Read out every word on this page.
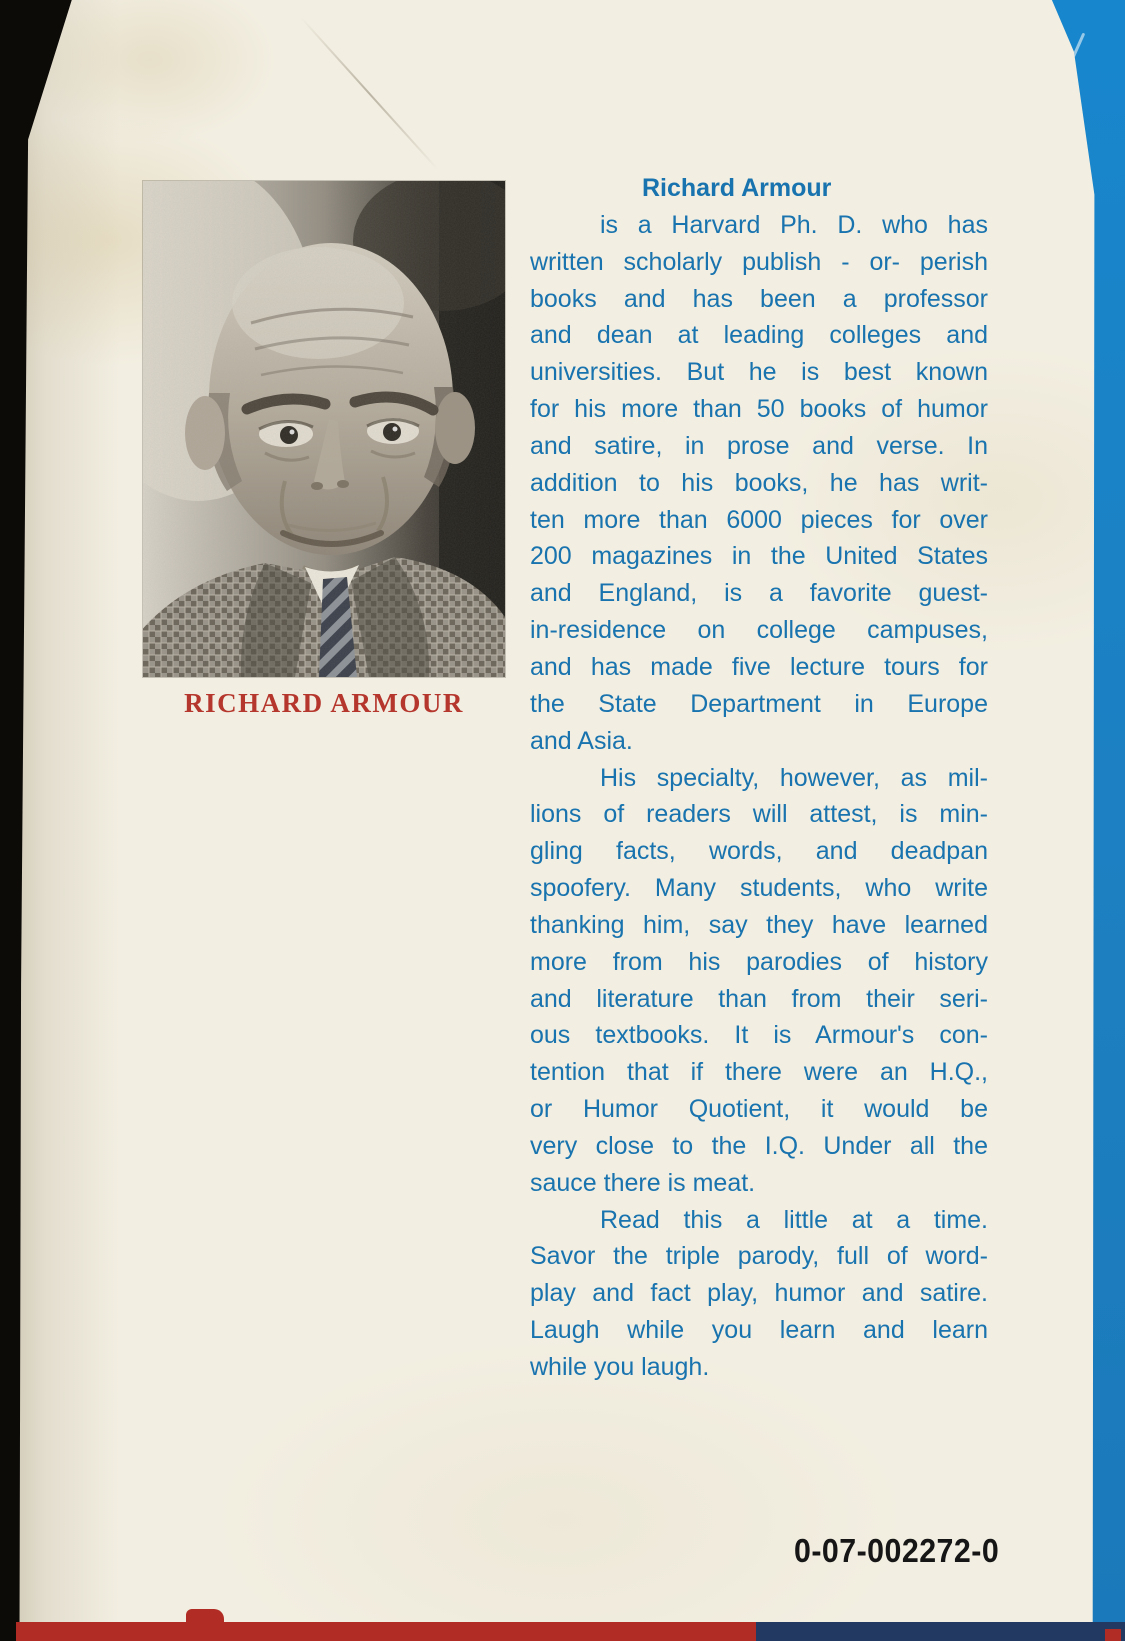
RICHARD ARMOUR
Richard Armour
is a Harvard Ph. D. who has
written scholarly publish - or- perish
books and has been a professor
and dean at leading colleges and
universities. But he is best known
for his more than 50 books of humor
and satire, in prose and verse. In
addition to his books, he has writ-
ten more than 6000 pieces for over
200 magazines in the United States
and England, is a favorite guest-
in-residence on college campuses,
and has made five lecture tours for
the State Department in Europe
and Asia.
His specialty, however, as mil-
lions of readers will attest, is min-
gling facts, words, and deadpan
spoofery. Many students, who write
thanking him, say they have learned
more from his parodies of history
and literature than from their seri-
ous textbooks. It is Armour's con-
tention that if there were an H.Q.,
or Humor Quotient, it would be
very close to the I.Q. Under all the
sauce there is meat.
Read this a little at a time.
Savor the triple parody, full of word-
play and fact play, humor and satire.
Laugh while you learn and learn
while you laugh.
0-07-002272-0
